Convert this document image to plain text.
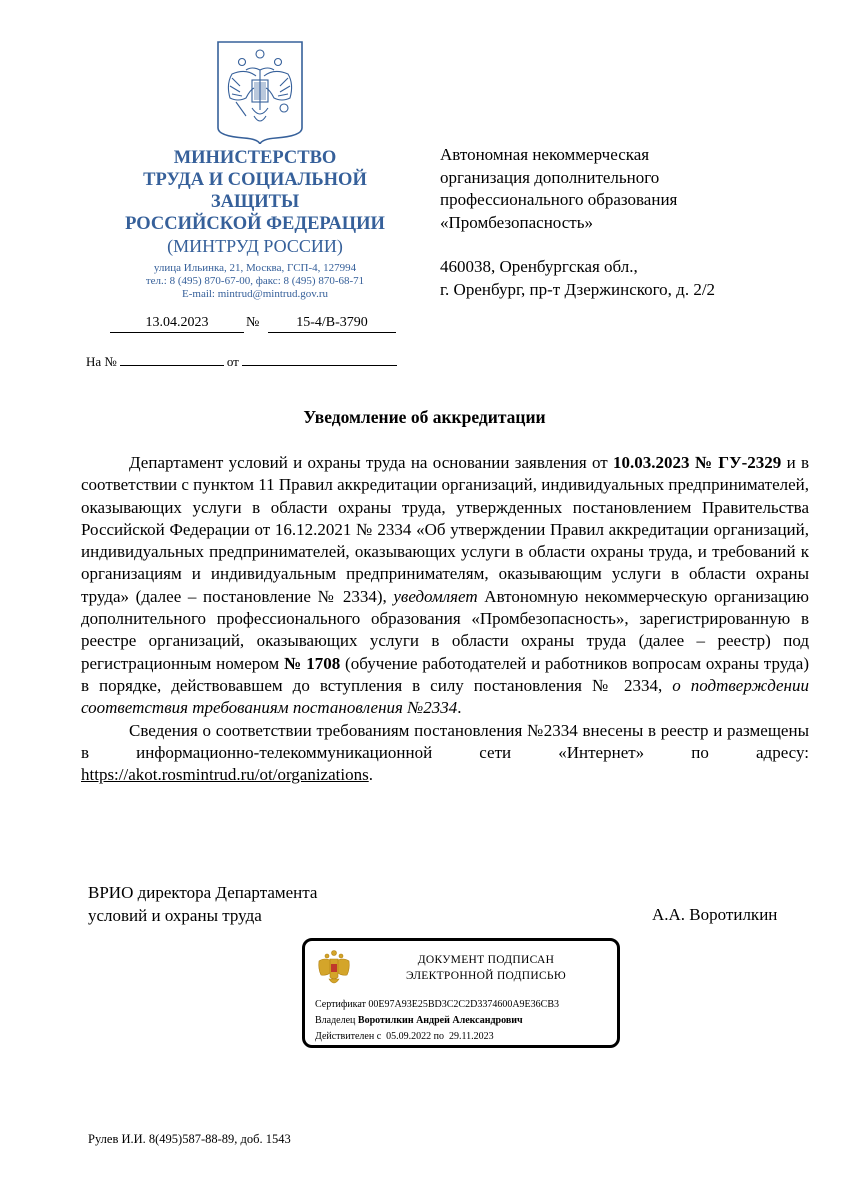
МИНИСТЕРСТВО
ТРУДА И СОЦИАЛЬНОЙ
ЗАЩИТЫ
РОССИЙСКОЙ ФЕДЕРАЦИИ
(МИНТРУД РОССИИ)
улица Ильинка, 21, Москва, ГСП-4, 127994
тел.: 8 (495) 870-67-00, факс: 8 (495) 870-68-71
E-mail: mintrud@mintrud.gov.ru
13.04.2023	№	15-4/В-3790
На №	от
Автономная некоммерческая
организация дополнительного
профессионального образования
«Промбезопасность»
460038, Оренбургская обл.,
г. Оренбург, пр-т Дзержинского, д. 2/2
Уведомление об аккредитации

Департамент условий и охраны труда на основании заявления от 10.03.2023 № ГУ-2329 и в соответствии с пунктом 11 Правил аккредитации организаций, индивидуальных предпринимателей, оказывающих услуги в области охраны труда, утвержденных постановлением Правительства Российской Федерации от 16.12.2021 № 2334 «Об утверждении Правил аккредитации организаций, индивидуальных предпринимателей, оказывающих услуги в области охраны труда, и требований к организациям и индивидуальным предпринимателям, оказывающим услуги в области охраны труда» (далее – постановление № 2334), уведомляет Автономную некоммерческую организацию дополнительного профессионального образования «Промбезопасность», зарегистрированную в реестре организаций, оказывающих услуги в области охраны труда (далее – реестр) под регистрационным номером № 1708 (обучение работодателей и работников вопросам охраны труда) в порядке, действовавшем до вступления в силу постановления № 2334, о подтверждении соответствия требованиям постановления №2334.

Сведения о соответствии требованиям постановления №2334 внесены в реестр и размещены в информационно-телекоммуникационной сети «Интернет» по адресу: https://akot.rosmintrud.ru/ot/organizations.

ВРИО директора Департамента
условий и охраны труда	А.А. Воротилкин
ДОКУМЕНТ ПОДПИСАН
ЭЛЕКТРОННОЙ ПОДПИСЬЮ
Сертификат 00E97A93E25BD3C2C2D3374600A9E36CB3
Владелец Воротилкин Андрей Александрович
Действителен с 05.09.2022 по 29.11.2023
Рулев И.И. 8(495)587-88-89, доб. 1543
